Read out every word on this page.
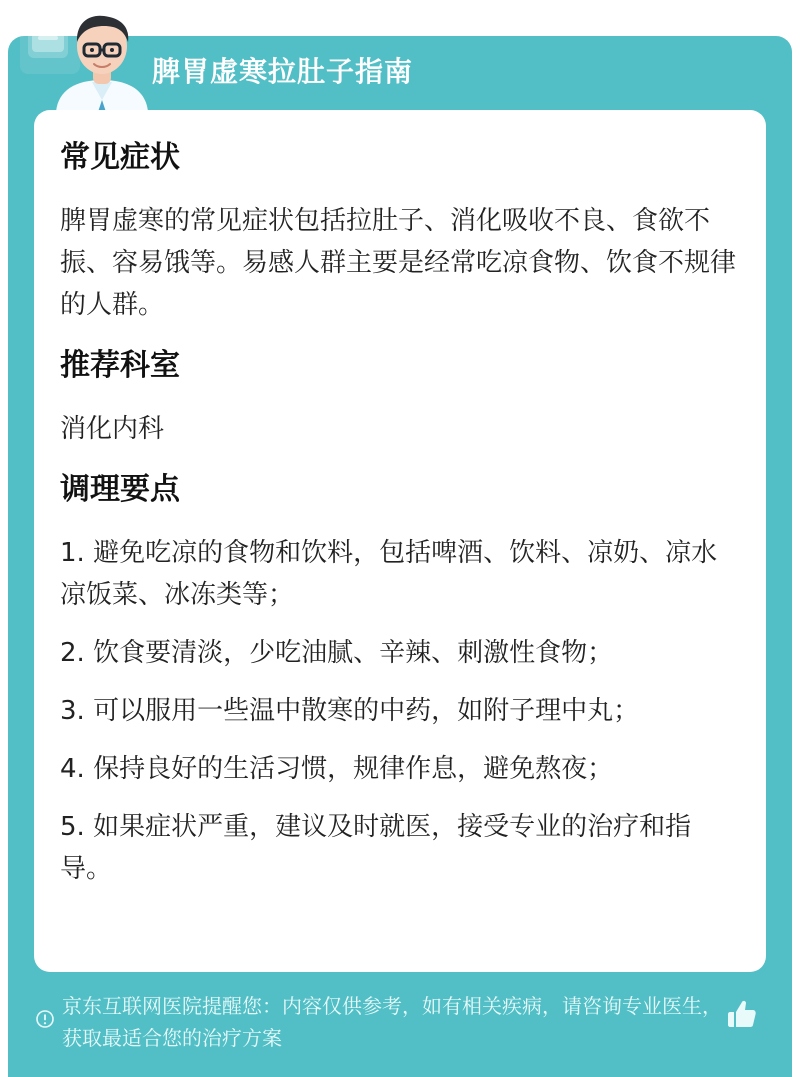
脾胃虚寒拉肚子指南
常见症状
脾胃虚寒的常见症状包括拉肚子、消化吸收不良、食欲不振、容易饿等。易感人群主要是经常吃凉食物、饮食不规律的人群。
推荐科室
消化内科
调理要点
1. 避免吃凉的食物和饮料，包括啤酒、饮料、凉奶、凉水凉饭菜、冰冻类等；
2. 饮食要清淡，少吃油腻、辛辣、刺激性食物；
3. 可以服用一些温中散寒的中药，如附子理中丸；
4. 保持良好的生活习惯，规律作息，避免熬夜；
5. 如果症状严重，建议及时就医，接受专业的治疗和指导。
京东互联网医院提醒您：内容仅供参考，如有相关疾病，请咨询专业医生，获取最适合您的治疗方案
